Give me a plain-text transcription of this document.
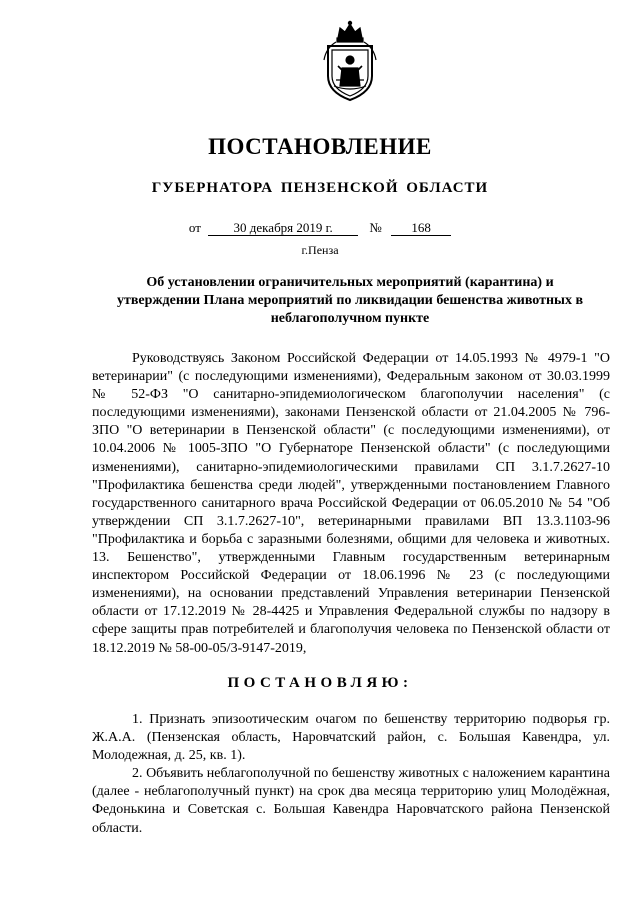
ПОСТАНОВЛЕНИЕ
ГУБЕРНАТОРА ПЕНЗЕНСКОЙ ОБЛАСТИ
от	30 декабря 2019 г.	№ 168
г.Пенза
Об установлении ограничительных мероприятий (карантина) и утверждении Плана мероприятий по ликвидации бешенства животных в неблагополучном пункте

Руководствуясь Законом Российской Федерации от 14.05.1993 № 4979-1 "О ветеринарии" (с последующими изменениями), Федеральным законом от 30.03.1999 № 52-ФЗ "О санитарно-эпидемиологическом благополучии населения" (с последующими изменениями), законами Пензенской области от 21.04.2005 № 796-ЗПО "О ветеринарии в Пензенской области" (с последующими изменениями), от 10.04.2006 № 1005-ЗПО "О Губернаторе Пензенской области" (с последующими изменениями), санитарно-эпидемиологическими правилами СП 3.1.7.2627-10 "Профилактика бешенства среди людей", утвержденными постановлением Главного государственного санитарного врача Российской Федерации от 06.05.2010 № 54 "Об утверждении СП 3.1.7.2627-10", ветеринарными правилами ВП 13.3.1103-96 "Профилактика и борьба с заразными болезнями, общими для человека и животных. 13. Бешенство", утвержденными Главным государственным ветеринарным инспектором Российской Федерации от 18.06.1996 № 23 (с последующими изменениями), на основании представлений Управления ветеринарии Пензенской области от 17.12.2019 № 28-4425 и Управления Федеральной службы по надзору в сфере защиты прав потребителей и благополучия человека по Пензенской области от 18.12.2019 № 58-00-05/3-9147-2019,

ПОСТАНОВЛЯЮ:

1. Признать эпизоотическим очагом по бешенству территорию подворья гр. Ж.А.А. (Пензенская область, Наровчатский район, с. Большая Кавендра, ул. Молодежная, д. 25, кв. 1).

2. Объявить неблагополучной по бешенству животных с наложением карантина (далее - неблагополучный пункт) на срок два месяца территорию улиц Молодёжная, Федонькина и Советская с. Большая Кавендра Наровчатского района Пензенской области.
